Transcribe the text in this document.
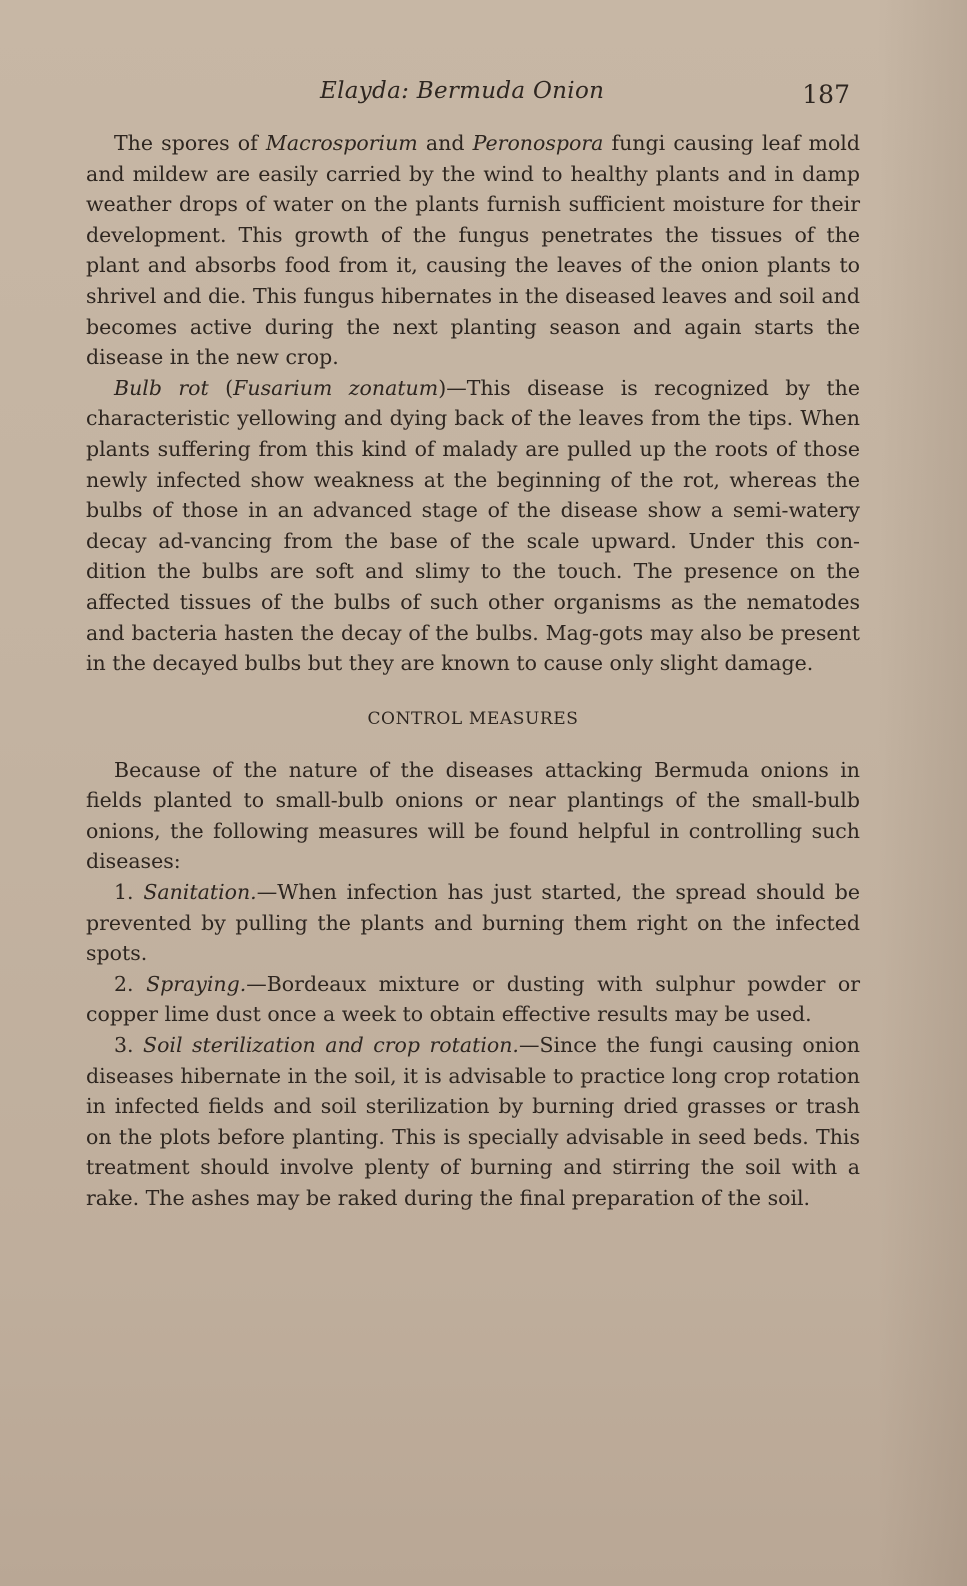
Elayda: Bermuda Onion	187

The spores of Macrosporium and Peronospora fungi causing leaf mold and mildew are easily carried by the wind to healthy plants and in damp weather drops of water on the plants furnish sufficient moisture for their development. This growth of the fungus penetrates the tissues of the plant and absorbs food from it, causing the leaves of the onion plants to shrivel and die. This fungus hibernates in the diseased leaves and soil and becomes active during the next planting season and again starts the disease in the new crop.

Bulb rot (Fusarium zonatum)—This disease is recognized by the characteristic yellowing and dying back of the leaves from the tips. When plants suffering from this kind of malady are pulled up the roots of those newly infected show weakness at the beginning of the rot, whereas the bulbs of those in an advanced stage of the disease show a semi-watery decay ad-vancing from the base of the scale upward. Under this con-dition the bulbs are soft and slimy to the touch. The presence on the affected tissues of the bulbs of such other organisms as the nematodes and bacteria hasten the decay of the bulbs. Mag-gots may also be present in the decayed bulbs but they are known to cause only slight damage.

CONTROL MEASURES

Because of the nature of the diseases attacking Bermuda onions in fields planted to small-bulb onions or near plantings of the small-bulb onions, the following measures will be found helpful in controlling such diseases:

1. Sanitation.—When infection has just started, the spread should be prevented by pulling the plants and burning them right on the infected spots.

2. Spraying.—Bordeaux mixture or dusting with sulphur powder or copper lime dust once a week to obtain effective results may be used.

3. Soil sterilization and crop rotation.—Since the fungi causing onion diseases hibernate in the soil, it is advisable to practice long crop rotation in infected fields and soil sterilization by burning dried grasses or trash on the plots before planting. This is specially advisable in seed beds. This treatment should involve plenty of burning and stirring the soil with a rake. The ashes may be raked during the final preparation of the soil.
